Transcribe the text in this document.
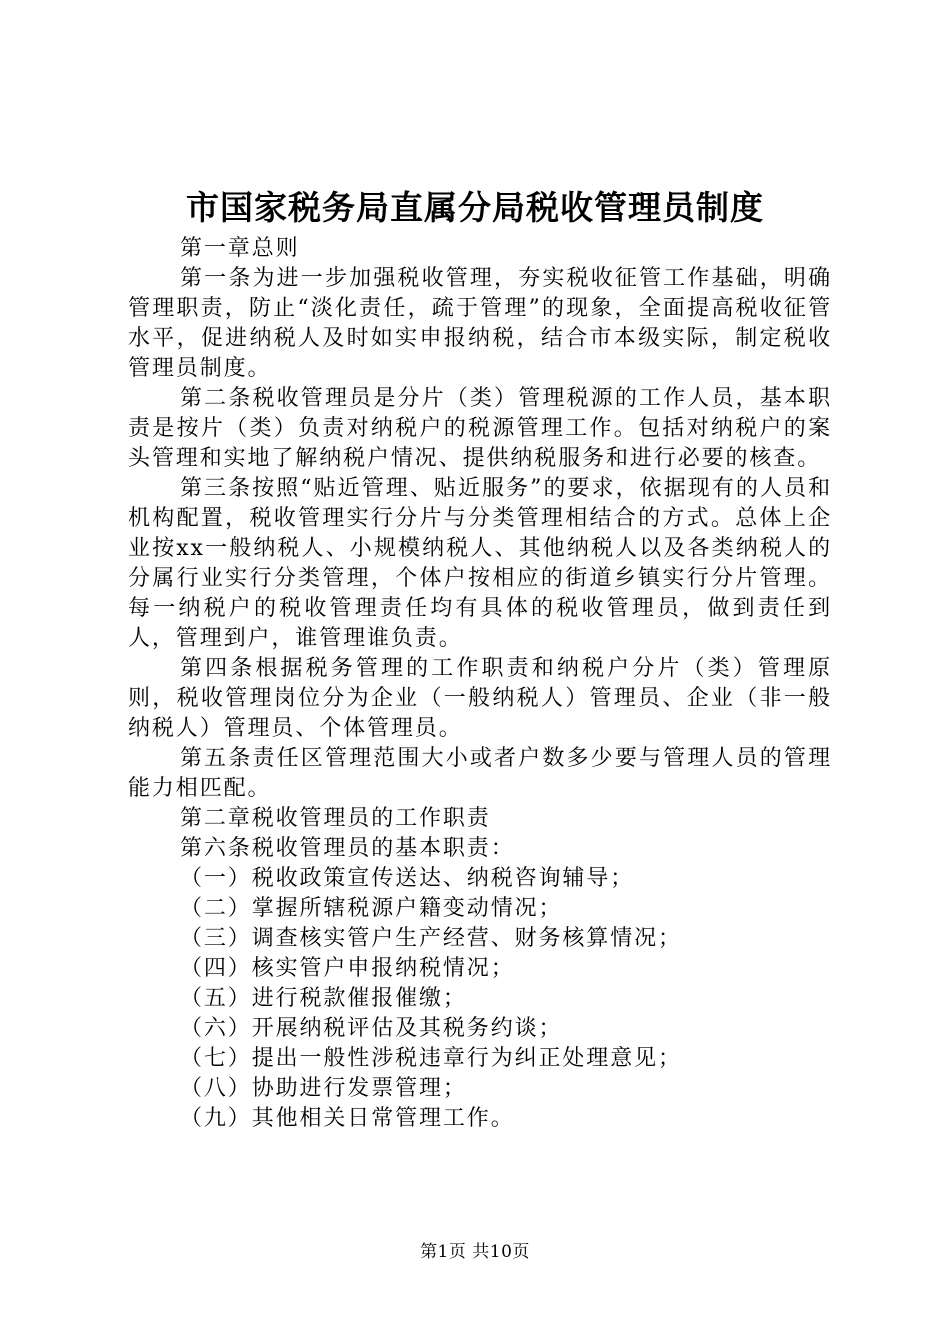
市国家税务局直属分局税收管理员制度

第一章总则

第一条为进一步加强税收管理，夯实税收征管工作基础，明确管理职责，防止“淡化责任，疏于管理”的现象，全面提高税收征管水平，促进纳税人及时如实申报纳税，结合市本级实际，制定税收管理员制度。

第二条税收管理员是分片（类）管理税源的工作人员，基本职责是按片（类）负责对纳税户的税源管理工作。包括对纳税户的案头管理和实地了解纳税户情况、提供纳税服务和进行必要的核查。

第三条按照“贴近管理、贴近服务”的要求，依据现有的人员和机构配置，税收管理实行分片与分类管理相结合的方式。总体上企业按xx一般纳税人、小规模纳税人、其他纳税人以及各类纳税人的分属行业实行分类管理，个体户按相应的街道乡镇实行分片管理。每一纳税户的税收管理责任均有具体的税收管理员，做到责任到人，管理到户，谁管理谁负责。

第四条根据税务管理的工作职责和纳税户分片（类）管理原则，税收管理岗位分为企业（一般纳税人）管理员、企业（非一般纳税人）管理员、个体管理员。

第五条责任区管理范围大小或者户数多少要与管理人员的管理能力相匹配。

第二章税收管理员的工作职责

第六条税收管理员的基本职责：

（一）税收政策宣传送达、纳税咨询辅导；

（二）掌握所辖税源户籍变动情况；

（三）调查核实管户生产经营、财务核算情况；

（四）核实管户申报纳税情况；

（五）进行税款催报催缴；

（六）开展纳税评估及其税务约谈；

（七）提出一般性涉税违章行为纠正处理意见；

（八）协助进行发票管理；

（九）其他相关日常管理工作。

第1页 共10页
